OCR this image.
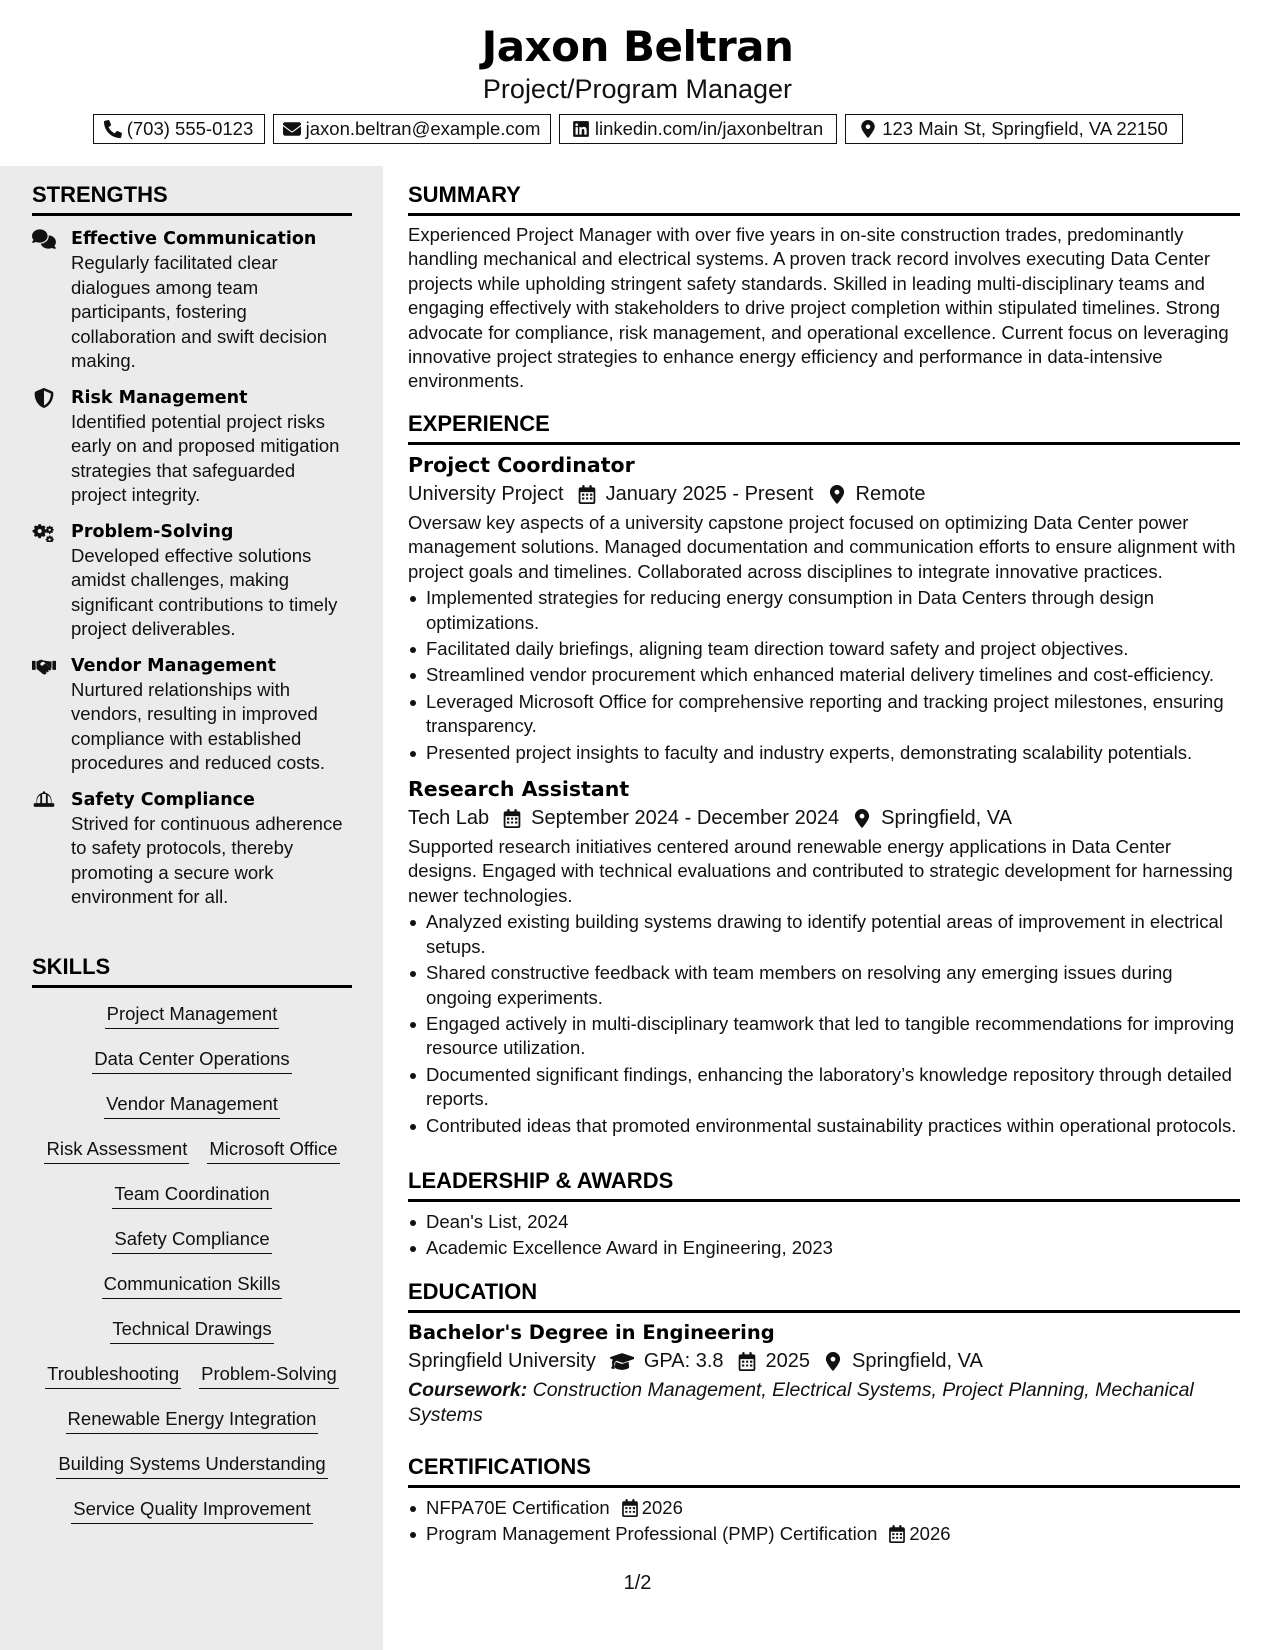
Jaxon Beltran
Project/Program Manager
(703) 555-0123	jaxon.beltran@example.com	linkedin.com/in/jaxonbeltran	123 Main St, Springfield, VA 22150
STRENGTHS
Effective Communication
Regularly facilitated clear dialogues among team participants, fostering collaboration and swift decision making.
Risk Management
Identified potential project risks early on and proposed mitigation strategies that safeguarded project integrity.
Problem-Solving
Developed effective solutions amidst challenges, making significant contributions to timely project deliverables.
Vendor Management
Nurtured relationships with vendors, resulting in improved compliance with established procedures and reduced costs.
Safety Compliance
Strived for continuous adherence to safety protocols, thereby promoting a secure work environment for all.
SKILLS
Project Management
Data Center Operations
Vendor Management
Risk Assessment Microsoft Office
Team Coordination
Safety Compliance
Communication Skills
Technical Drawings
Troubleshooting Problem-Solving
Renewable Energy Integration
Building Systems Understanding
Service Quality Improvement
SUMMARY
Experienced Project Manager with over five years in on-site construction trades, predominantly handling mechanical and electrical systems. A proven track record involves executing Data Center projects while upholding stringent safety standards. Skilled in leading multi-disciplinary teams and engaging effectively with stakeholders to drive project completion within stipulated timelines. Strong advocate for compliance, risk management, and operational excellence. Current focus on leveraging innovative project strategies to enhance energy efficiency and performance in data-intensive environments.
EXPERIENCE
Project Coordinator
University Project January 2025 - Present Remote
Oversaw key aspects of a university capstone project focused on optimizing Data Center power management solutions. Managed documentation and communication efforts to ensure alignment with project goals and timelines. Collaborated across disciplines to integrate innovative practices.
Implemented strategies for reducing energy consumption in Data Centers through design optimizations.
Facilitated daily briefings, aligning team direction toward safety and project objectives.
Streamlined vendor procurement which enhanced material delivery timelines and cost-efficiency.
Leveraged Microsoft Office for comprehensive reporting and tracking project milestones, ensuring transparency.
Presented project insights to faculty and industry experts, demonstrating scalability potentials.
Research Assistant
Tech Lab September 2024 - December 2024 Springfield, VA
Supported research initiatives centered around renewable energy applications in Data Center designs. Engaged with technical evaluations and contributed to strategic development for harnessing newer technologies.
Analyzed existing building systems drawing to identify potential areas of improvement in electrical setups.
Shared constructive feedback with team members on resolving any emerging issues during ongoing experiments.
Engaged actively in multi-disciplinary teamwork that led to tangible recommendations for improving resource utilization.
Documented significant findings, enhancing the laboratory’s knowledge repository through detailed reports.
Contributed ideas that promoted environmental sustainability practices within operational protocols.
LEADERSHIP & AWARDS
Dean's List, 2024
Academic Excellence Award in Engineering, 2023
EDUCATION
Bachelor's Degree in Engineering
Springfield University GPA: 3.8 2025 Springfield, VA
Coursework: Construction Management, Electrical Systems, Project Planning, Mechanical Systems
CERTIFICATIONS
NFPA70E Certification 2026
Program Management Professional (PMP) Certification 2026
1/2
